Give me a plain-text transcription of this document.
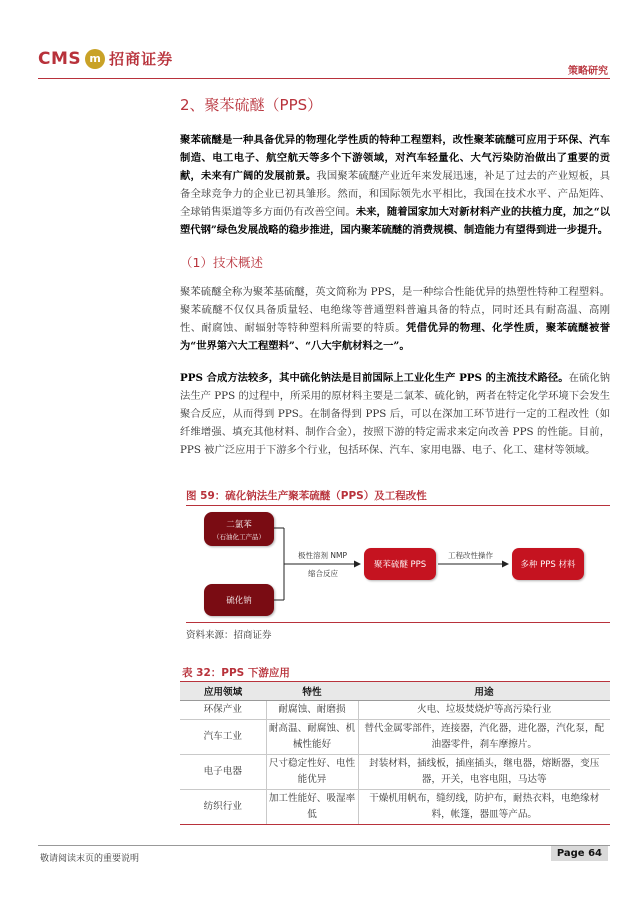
CMS m 招商证券
策略研究
2、聚苯硫醚（PPS）

聚苯硫醚是一种具备优异的物理化学性质的特种工程塑料，改性聚苯硫醚可应用于环保、汽车制造、电工电子、航空航天等多个下游领域，对汽车轻量化、大气污染防治做出了重要的贡献，未来有广阔的发展前景。我国聚苯硫醚产业近年来发展迅速，补足了过去的产业短板，具备全球竞争力的企业已初具雏形。然而，和国际领先水平相比，我国在技术水平、产品矩阵、全球销售渠道等多方面仍有改善空间。未来，随着国家加大对新材料产业的扶植力度，加之“以塑代钢”绿色发展战略的稳步推进，国内聚苯硫醚的消费规模、制造能力有望得到进一步提升。

（1）技术概述

聚苯硫醚全称为聚苯基硫醚，英文简称为 PPS，是一种综合性能优异的热塑性特种工程塑料。聚苯硫醚不仅仅具备质量轻、电绝缘等普通塑料普遍具备的特点，同时还具有耐高温、高刚性、耐腐蚀、耐辐射等特种塑料所需要的特质。凭借优异的物理、化学性质，聚苯硫醚被誉为“世界第六大工程塑料”、“八大宇航材料之一”。

PPS 合成方法较多，其中硫化钠法是目前国际上工业化生产 PPS 的主流技术路径。在硫化钠法生产 PPS 的过程中，所采用的原材料主要是二氯苯、硫化钠，两者在特定化学环境下会发生聚合反应，从而得到 PPS。在制备得到 PPS 后，可以在深加工环节进行一定的工程改性（如纤维增强、填充其他材料、制作合金），按照下游的特定需求来定向改善 PPS 的性能。目前，PPS 被广泛应用于下游多个行业，包括环保、汽车、家用电器、电子、化工、建材等领域。

图 59：硫化钠法生产聚苯硫醚（PPS）及工程改性
二氯苯
（石油化工产品）
硫化钠
极性溶剂 NMP
缩合反应
聚苯硫醚 PPS
工程改性操作
多种 PPS 材料
资料来源：招商证券
表 32：PPS 下游应用
应用领域	特性	用途
环保产业	耐腐蚀、耐磨损	火电、垃圾焚烧炉等高污染行业
汽车工业	耐高温、耐腐蚀、机械性能好	替代金属零部件，连接器，汽化器，进化器，汽化泵，配油器零件，刹车摩擦片。
电子电器	尺寸稳定性好、电性能优异	封装材料，插线板，插座插头，继电器，熔断器，变压器，开关，电容电阻，马达等
纺织行业	加工性能好、吸湿率低	干燥机用帆布，缝纫线，防护布，耐热衣料，电绝缘材料，帐篷，器皿等产品。
敬请阅读末页的重要说明	Page 64
